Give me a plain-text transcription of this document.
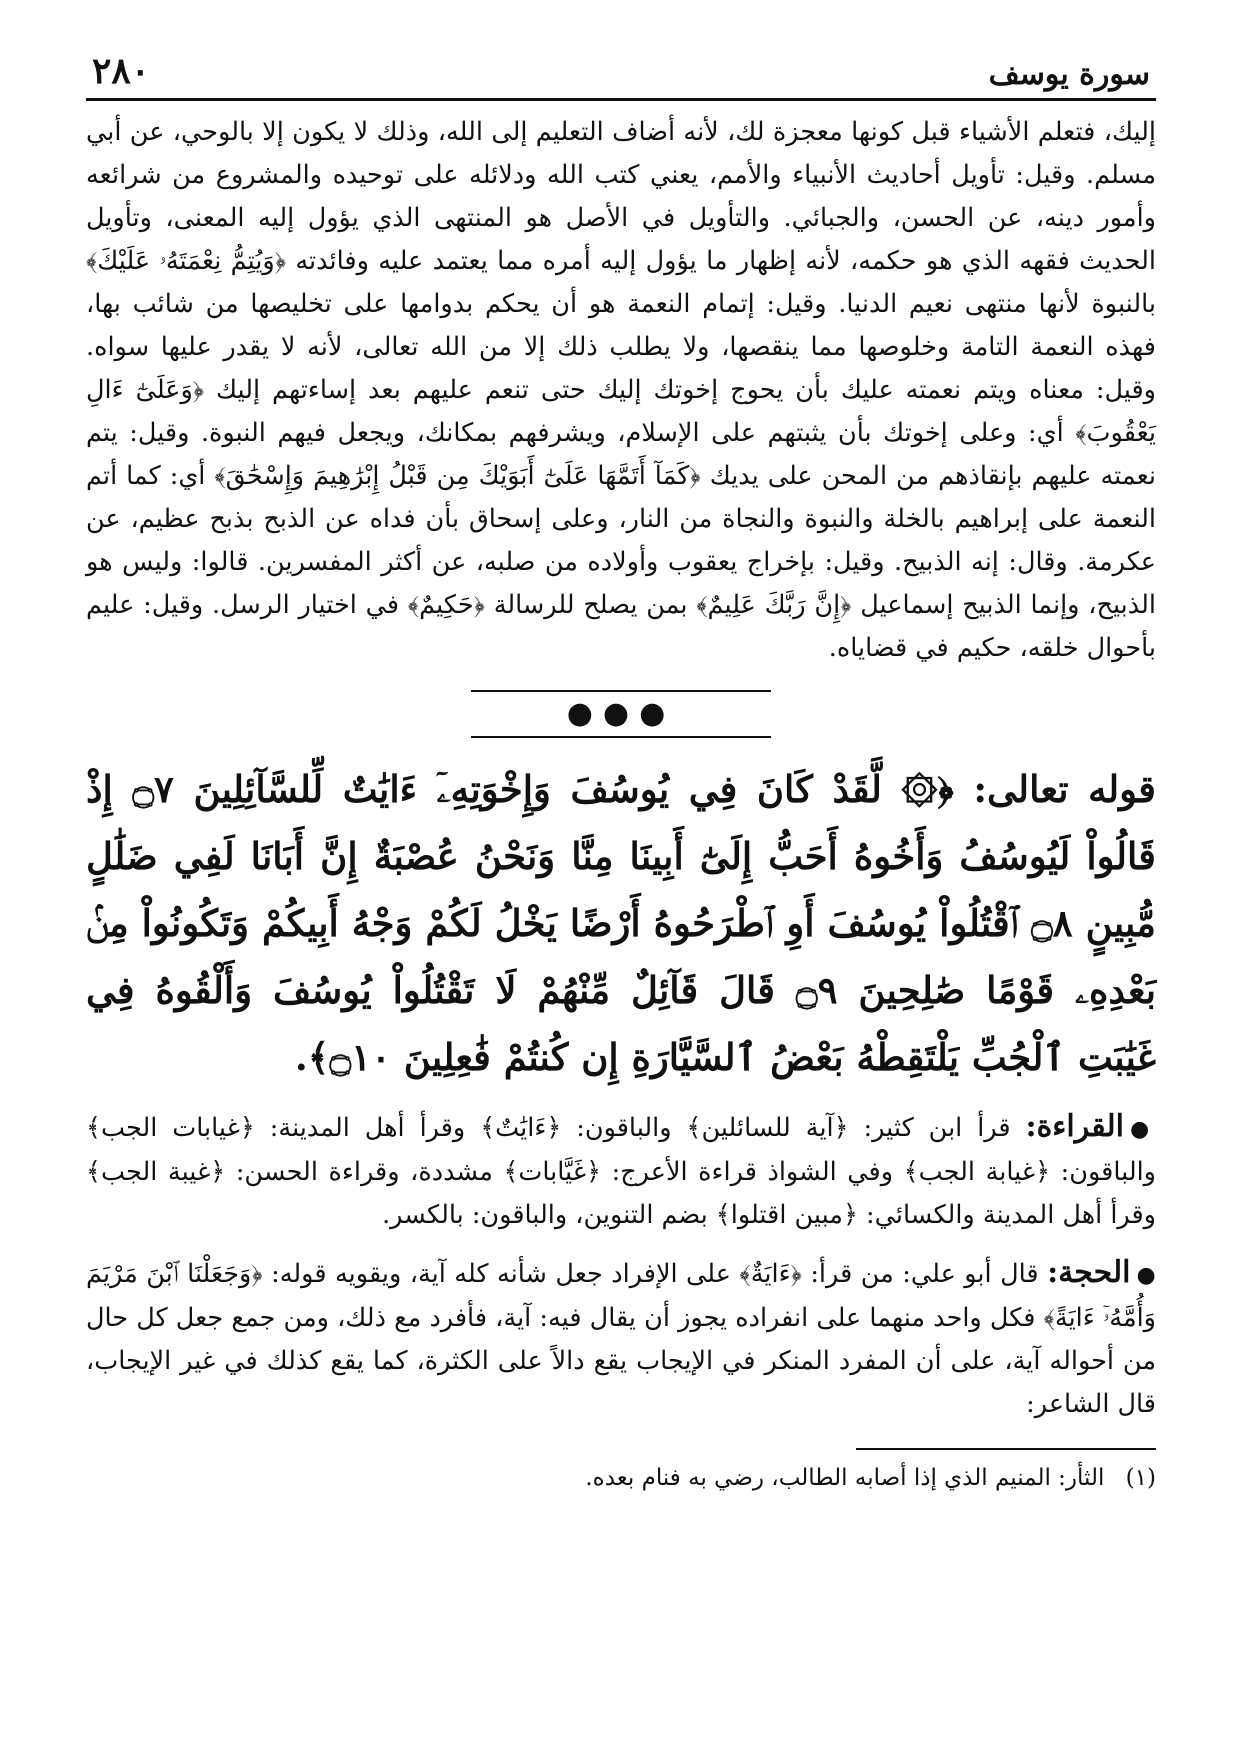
سورة يوسف
٢٨٠

إليك، فتعلم الأشياء قبل كونها معجزة لك، لأنه أضاف التعليم إلى الله، وذلك لا يكون إلا بالوحي، عن أبي مسلم. وقيل: تأويل أحاديث الأنبياء والأمم، يعني كتب الله ودلائله على توحيده والمشروع من شرائعه وأمور دينه، عن الحسن، والجبائي. والتأويل في الأصل هو المنتهى الذي يؤول إليه المعنى، وتأويل الحديث فقهه الذي هو حكمه، لأنه إظهار ما يؤول إليه أمره مما يعتمد عليه وفائدته ﴿وَيُتِمُّ نِعْمَتَهُۥ عَلَيْكَ﴾ بالنبوة لأنها منتهى نعيم الدنيا. وقيل: إتمام النعمة هو أن يحكم بدوامها على تخليصها من شائب بها، فهذه النعمة التامة وخلوصها مما ينقصها، ولا يطلب ذلك إلا من الله تعالى، لأنه لا يقدر عليها سواه. وقيل: معناه ويتم نعمته عليك بأن يحوج إخوتك إليك حتى تنعم عليهم بعد إساءتهم إليك ﴿وَعَلَىٰٓ ءَالِ يَعْقُوبَ﴾ أي: وعلى إخوتك بأن يثبتهم على الإسلام، ويشرفهم بمكانك، ويجعل فيهم النبوة. وقيل: يتم نعمته عليهم بإنقاذهم من المحن على يديك ﴿كَمَآ أَتَمَّهَا عَلَىٰٓ أَبَوَيْكَ مِن قَبْلُ إِبْرَٰهِيمَ وَإِسْحَٰقَ﴾ أي: كما أتم النعمة على إبراهيم بالخلة والنبوة والنجاة من النار، وعلى إسحاق بأن فداه عن الذبح بذبح عظيم، عن عكرمة. وقال: إنه الذبيح. وقيل: بإخراج يعقوب وأولاده من صلبه، عن أكثر المفسرين. قالوا: وليس هو الذبيح، وإنما الذبيح إسماعيل ﴿إِنَّ رَبَّكَ عَلِيمٌ﴾ بمن يصلح للرسالة ﴿حَكِيمٌ﴾ في اختيار الرسل. وقيل: عليم بأحوال خلقه، حكيم في قضاياه.

●●●
قوله تعالى: ﴿۞ لَّقَدْ كَانَ فِي يُوسُفَ وَإِخْوَتِهِۦٓ ءَايَٰتٌ لِّلسَّآئِلِينَ ۝٧ إِذْ قَالُواْ لَيُوسُفُ وَأَخُوهُ أَحَبُّ إِلَىٰٓ أَبِينَا مِنَّا وَنَحْنُ عُصْبَةٌ إِنَّ أَبَانَا لَفِي ضَلَٰلٍ مُّبِينٍ ۝٨ ٱقْتُلُواْ يُوسُفَ أَوِ ٱطْرَحُوهُ أَرْضًا يَخْلُ لَكُمْ وَجْهُ أَبِيكُمْ وَتَكُونُواْ مِنۢ بَعْدِهِۦ قَوْمًا صَٰلِحِينَ ۝٩ قَالَ قَآئِلٌ مِّنْهُمْ لَا تَقْتُلُواْ يُوسُفَ وَأَلْقُوهُ فِي غَيَٰبَتِ ٱلْجُبِّ يَلْتَقِطْهُ بَعْضُ ٱلسَّيَّارَةِ إِن كُنتُمْ فَٰعِلِينَ ۝١٠﴾.
●القراءة: قرأ ابن كثير: ﴿آية للسائلين﴾ والباقون: ﴿ءَايَٰتٌ﴾ وقرأ أهل المدينة: ﴿غيابات الجب﴾ والباقون: ﴿غيابة الجب﴾ وفي الشواذ قراءة الأعرج: ﴿غَيَّابات﴾ مشددة، وقراءة الحسن: ﴿غيبة الجب﴾ وقرأ أهل المدينة والكسائي: ﴿مبين اقتلوا﴾ بضم التنوين، والباقون: بالكسر.
●الحجة: قال أبو علي: من قرأ: ﴿ءَايَةٌ﴾ على الإفراد جعل شأنه كله آية، ويقويه قوله: ﴿وَجَعَلْنَا ٱبْنَ مَرْيَمَ وَأُمَّهُۥٓ ءَايَةً﴾ فكل واحد منهما على انفراده يجوز أن يقال فيه: آية، فأفرد مع ذلك، ومن جمع جعل كل حال من أحواله آية، على أن المفرد المنكر في الإيجاب يقع دالاً على الكثرة، كما يقع كذلك في غير الإيجاب، قال الشاعر:
(١) الثأر: المنيم الذي إذا أصابه الطالب، رضي به فنام بعده.
